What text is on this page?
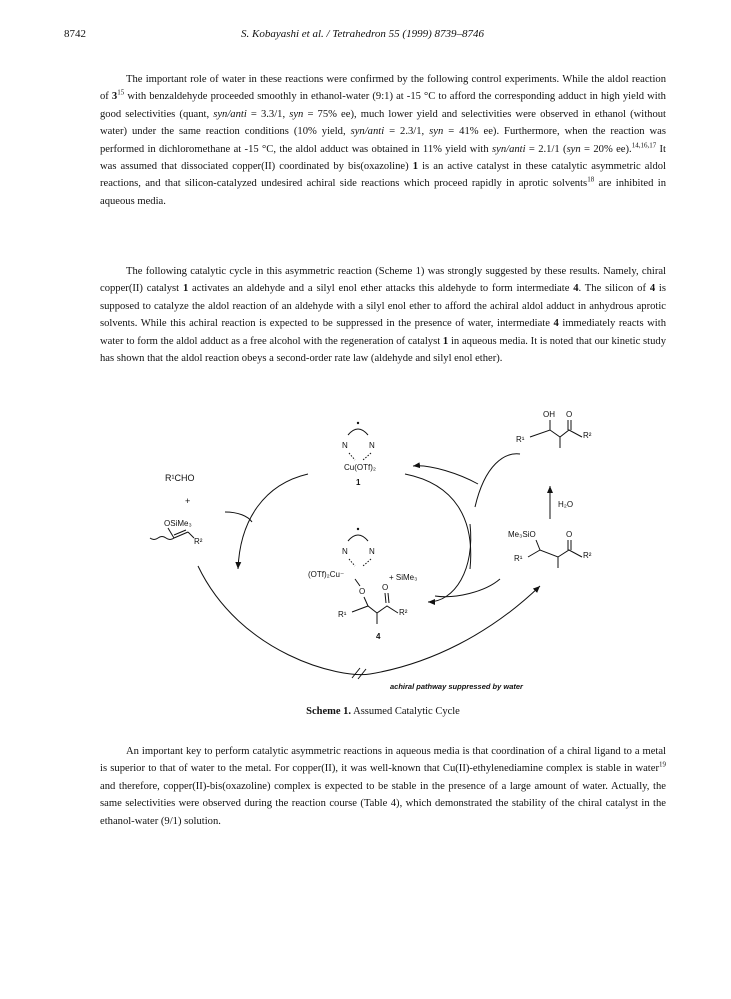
8742	S. Kobayashi et al. / Tetrahedron 55 (1999) 8739–8746

The important role of water in these reactions were confirmed by the following control experiments. While the aldol reaction of $3^{15}$ with benzaldehyde proceeded smoothly in ethanol-water (9:1) at -15 °C to afford the corresponding adduct in high yield with good selectivities (quant, syn/anti = 3.3/1, syn = 75% ee), much lower yield and selectivities were observed in ethanol (without water) under the same reaction conditions (10% yield, syn/anti = 2.3/1, syn = 41% ee). Furthermore, when the reaction was performed in dichloromethane at -15 °C, the aldol adduct was obtained in 11% yield with syn/anti = 2.1/1 (syn = 20% ee).$^{14,16,17}$ It was assumed that dissociated copper(II) coordinated by bis(oxazoline) 1 is an active catalyst in these catalytic asymmetric aldol reactions, and that silicon-catalyzed undesired achiral side reactions which proceed rapidly in aprotic solvents$^{18}$ are inhibited in aqueous media.

The following catalytic cycle in this asymmetric reaction (Scheme 1) was strongly suggested by these results. Namely, chiral copper(II) catalyst 1 activates an aldehyde and a silyl enol ether attacks this aldehyde to form intermediate 4. The silicon of 4 is supposed to catalyze the aldol reaction of an aldehyde with a silyl enol ether to afford the achiral aldol adduct in anhydrous aprotic solvents. While this achiral reaction is expected to be suppressed in the presence of water, intermediate 4 immediately reacts with water to form the aldol adduct as a free alcohol with the regeneration of catalyst 1 in aqueous media. It is noted that our kinetic study has shown that the aldol reaction obeys a second-order rate law (aldehyde and silyl enol ether).

R¹CHO
+
OSiMe₃
R²
N	N
Cu(OTf)₂
1
OH O
R¹	R²
H₂O
Me₃SiO	O
R¹	R²
N	N
(OTf)₂Cu⁻
O
+ SiMe₃
O
R¹	R²
4
achiral pathway suppressed by water
Scheme 1. Assumed Catalytic Cycle

An important key to perform catalytic asymmetric reactions in aqueous media is that coordination of a chiral ligand to a metal is superior to that of water to the metal. For copper(II), it was well-known that Cu(II)-ethylenediamine complex is stable in water$^{19}$ and therefore, copper(II)-bis(oxazoline) complex is expected to be stable in the presence of a large amount of water. Actually, the same selectivities were observed during the reaction course (Table 4), which demonstrated the stability of the chiral catalyst in the ethanol-water (9/1) solution.
